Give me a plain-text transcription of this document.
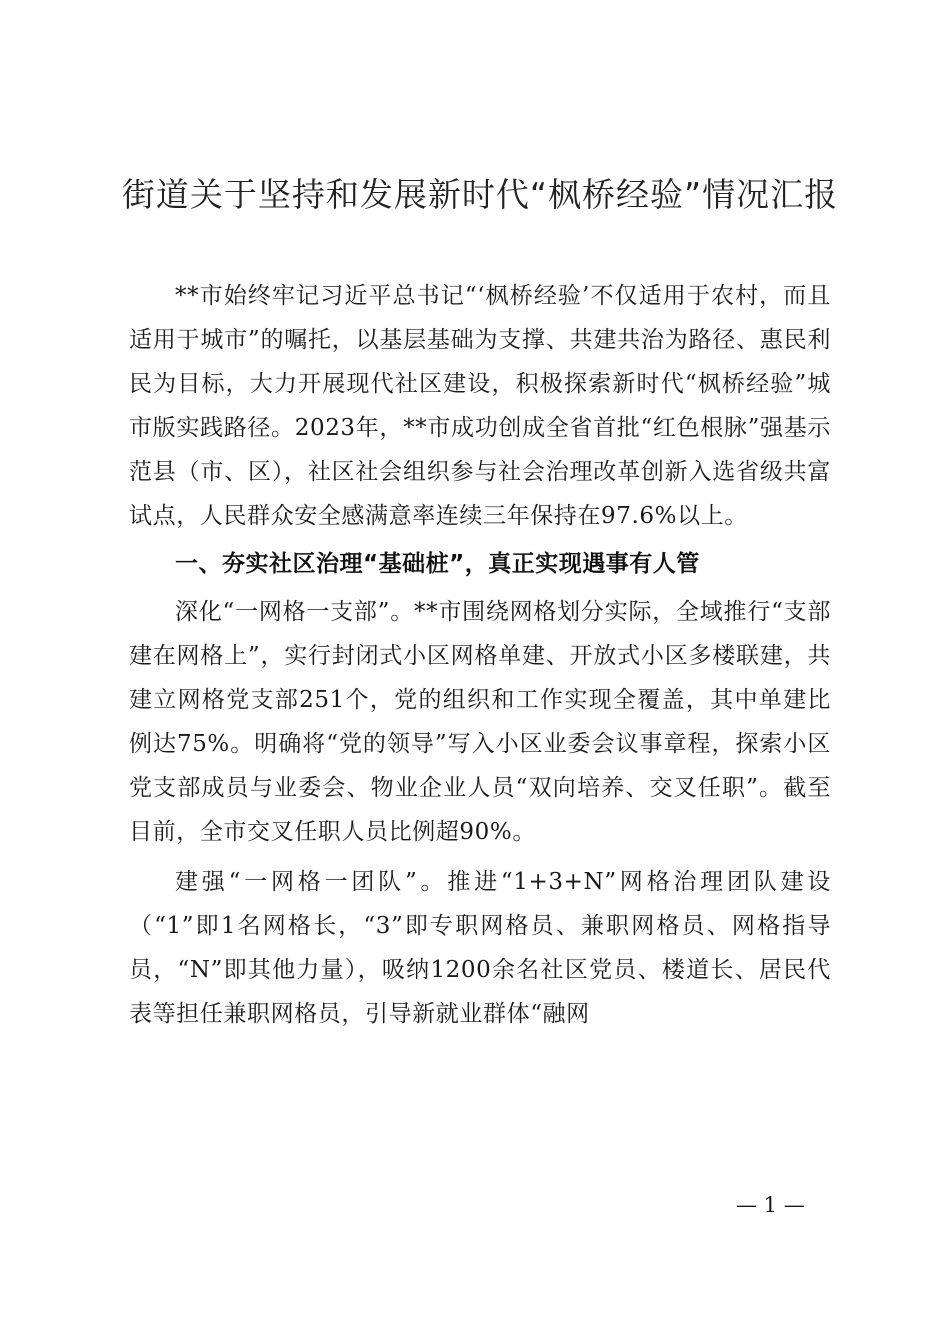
街道关于坚持和发展新时代“枫桥经验”情况汇报

**市始终牢记习近平总书记“‘枫桥经验’不仅适用于农村，而且适用于城市”的嘱托，以基层基础为支撑、共建共治为路径、惠民利民为目标，大力开展现代社区建设，积极探索新时代“枫桥经验”城市版实践路径。2023年，**市成功创成全省首批“红色根脉”强基示范县（市、区），社区社会组织参与社会治理改革创新入选省级共富试点，人民群众安全感满意率连续三年保持在97.6%以上。

一、夯实社区治理“基础桩”，真正实现遇事有人管

深化“一网格一支部”。**市围绕网格划分实际，全域推行“支部建在网格上”，实行封闭式小区网格单建、开放式小区多楼联建，共建立网格党支部251个，党的组织和工作实现全覆盖，其中单建比例达75%。明确将“党的领导”写入小区业委会议事章程，探索小区党支部成员与业委会、物业企业人员“双向培养、交叉任职”。截至目前，全市交叉任职人员比例超90%。

建强“一网格一团队”。推进“1+3+N”网格治理团队建设（“1”即1名网格长，“3”即专职网格员、兼职网格员、网格指导员，“N”即其他力量），吸纳1200余名社区党员、楼道长、居民代表等担任兼职网格员，引导新就业群体“融网

— 1 —
